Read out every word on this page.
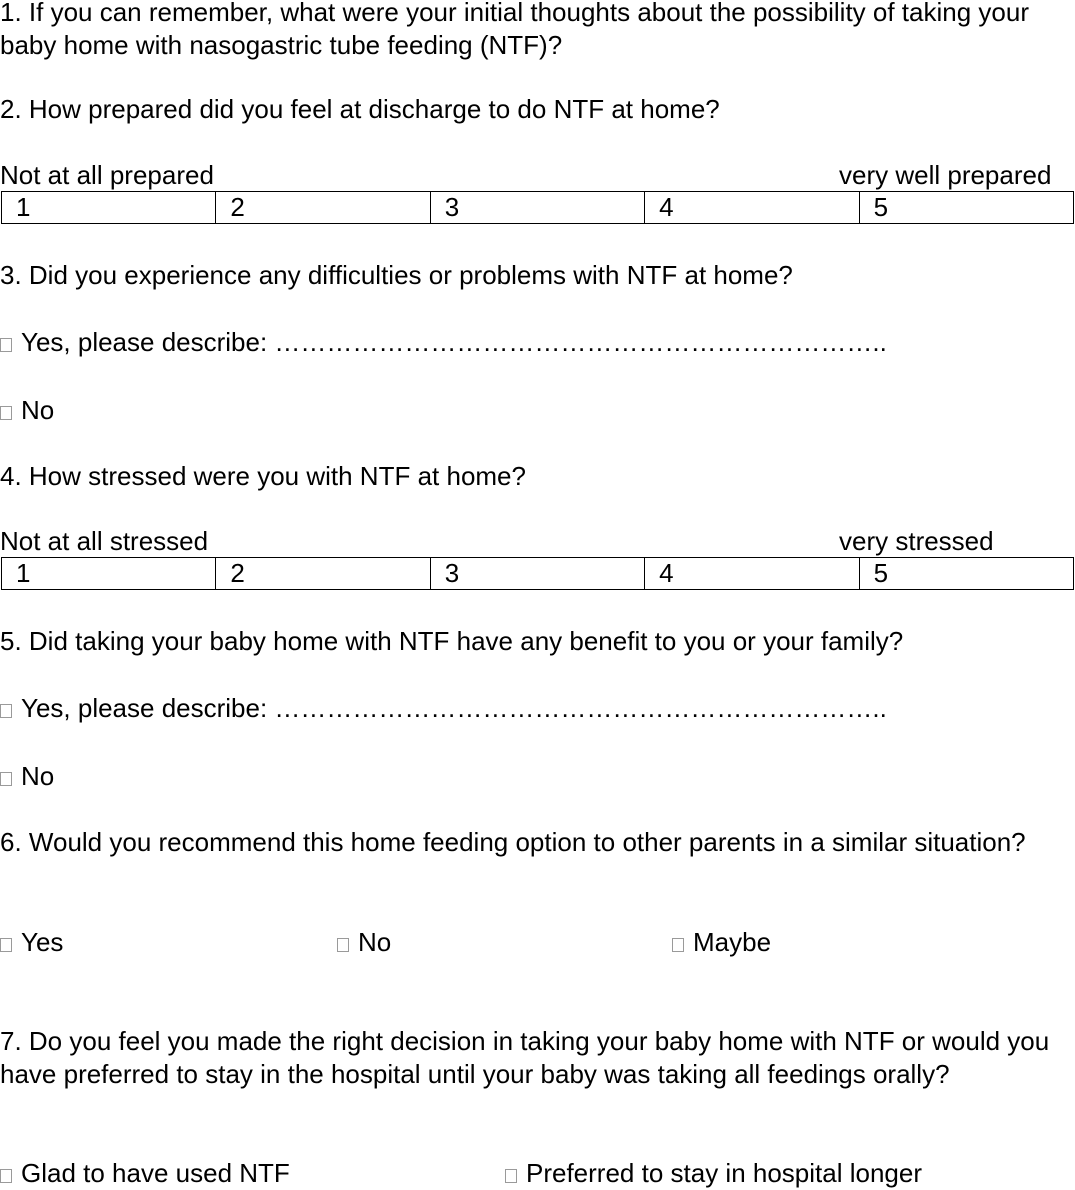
1. If you can remember, what were your initial thoughts about the possibility of taking your baby home with nasogastric tube feeding (NTF)?
2. How prepared did you feel at discharge to do NTF at home?
Not at all prepared	very well prepared
1	2	3	4	5
3. Did you experience any difficulties or problems with NTF at home?
Yes, please describe: ……………………………………………………………..
No
4. How stressed were you with NTF at home?
Not at all stressed	very stressed
1	2	3	4	5
5. Did taking your baby home with NTF have any benefit to you or your family?
Yes, please describe: ……………………………………………………………..
No
6. Would you recommend this home feeding option to other parents in a similar situation?
Yes	No	Maybe
7. Do you feel you made the right decision in taking your baby home with NTF or would you have preferred to stay in the hospital until your baby was taking all feedings orally?
Glad to have used NTF	Preferred to stay in hospital longer
